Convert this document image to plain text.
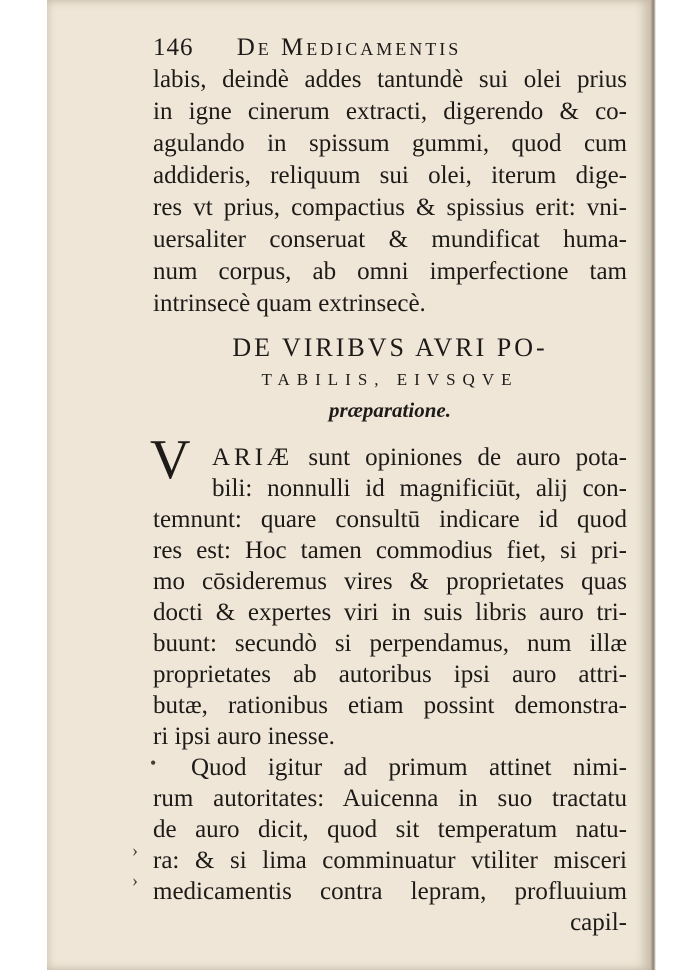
146 De Medicamentis
labis, deindè addes tantundè sui olei prius
in igne cinerum extracti, digerendo & co-
agulando in spissum gummi, quod cum
addideris, reliquum sui olei, iterum dige-
res vt prius, compactius & spissius erit: vni-
uersaliter conseruat & mundificat huma-
num corpus, ab omni imperfectione tam
intrinsecè quam extrinsecè.
DE VIRIBVS AVRI PO-
TABILIS, EIVSQVE
præparatione.
V ARIÆ sunt opiniones de auro pota-
bili: nonnulli id magnificiūt, alij con-
temnunt: quare consultū indicare id quod
res est: Hoc tamen commodius fiet, si pri-
mo cōsideremus vires & proprietates quas
docti & expertes viri in suis libris auro tri-
buunt: secundò si perpendamus, num illæ
proprietates ab autoribus ipsi auro attri-
butæ, rationibus etiam possint demonstra-
ri ipsi auro inesse.
Quod igitur ad primum attinet nimi-
rum autoritates: Auicenna in suo tractatu
de auro dicit, quod sit temperatum natu-
ra: & si lima comminuatur vtiliter misceri
medicamentis contra lepram, profluuium
capil-
•
›
›
